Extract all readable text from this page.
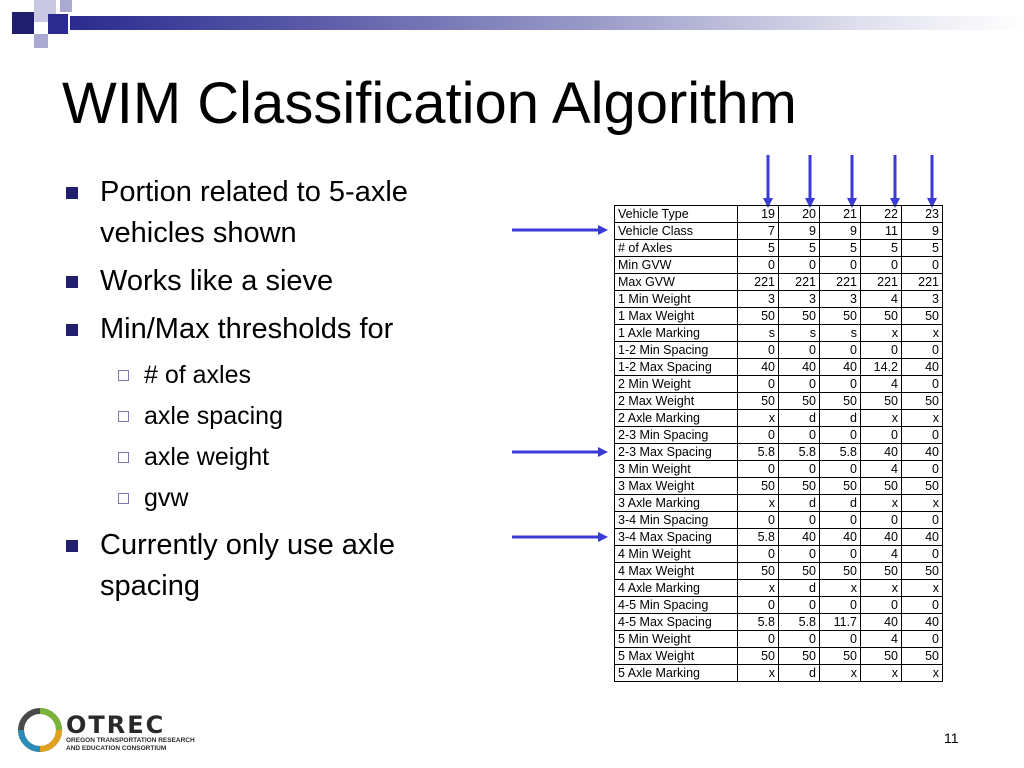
WIM Classification Algorithm
Portion related to 5-axle vehicles shown
Works like a sieve
Min/Max thresholds for
# of axles
axle spacing
axle weight
gvw
Currently only use axle spacing
Vehicle Type	19	20	21	22	23
Vehicle Class	7	9	9	11	9
# of Axles	5	5	5	5	5
Min GVW	0	0	0	0	0
Max GVW	221	221	221	221	221
1 Min Weight	3	3	3	4	3
1 Max Weight	50	50	50	50	50
1 Axle Marking	s	s	s	x	x
1-2 Min Spacing	0	0	0	0	0
1-2 Max Spacing	40	40	40	14.2	40
2 Min Weight	0	0	0	4	0
2 Max Weight	50	50	50	50	50
2 Axle Marking	x	d	d	x	x
2-3 Min Spacing	0	0	0	0	0
2-3 Max Spacing	5.8	5.8	5.8	40	40
3 Min Weight	0	0	0	4	0
3 Max Weight	50	50	50	50	50
3 Axle Marking	x	d	d	x	x
3-4 Min Spacing	0	0	0	0	0
3-4 Max Spacing	5.8	40	40	40	40
4 Min Weight	0	0	0	4	0
4 Max Weight	50	50	50	50	50
4 Axle Marking	x	d	x	x	x
4-5 Min Spacing	0	0	0	0	0
4-5 Max Spacing	5.8	5.8	11.7	40	40
5 Min Weight	0	0	0	4	0
5 Max Weight	50	50	50	50	50
5 Axle Marking	x	d	x	x	x
OTREC
OREGON TRANSPORTATION RESEARCH AND EDUCATION CONSORTIUM
11
